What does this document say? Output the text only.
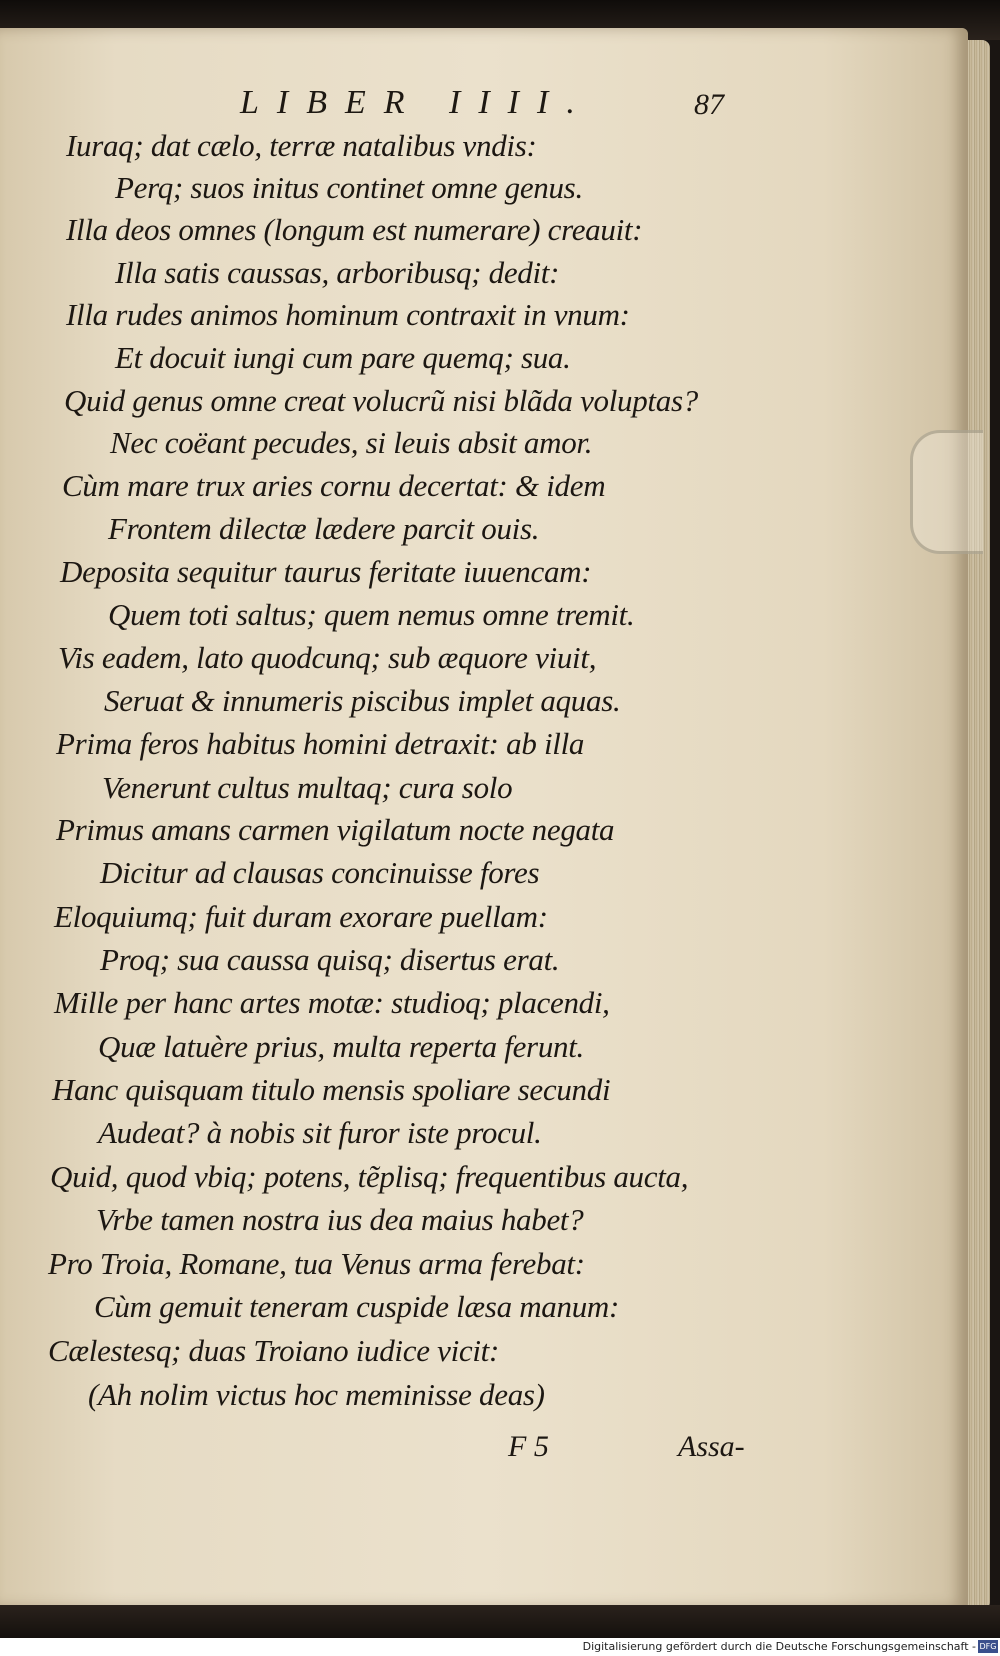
LIBER IIII.	87
Iuraq; dat cælo, terræ natalibus vndis:
Perq; suos initus continet omne genus.
Illa deos omnes (longum est numerare) creauit:
Illa satis caussas, arboribusq; dedit:
Illa rudes animos hominum contraxit in vnum:
Et docuit iungi cum pare quemq; sua.
Quid genus omne creat volucrũ nisi blãda voluptas?
Nec coëant pecudes, si leuis absit amor.
Cùm mare trux aries cornu decertat: & idem
Frontem dilectæ lædere parcit ouis.
Deposita sequitur taurus feritate iuuencam:
Quem toti saltus; quem nemus omne tremit.
Vis eadem, lato quodcunq; sub æquore viuit,
Seruat & innumeris piscibus implet aquas.
Prima feros habitus homini detraxit: ab illa
Venerunt cultus multaq; cura solo
Primus amans carmen vigilatum nocte negata
Dicitur ad clausas concinuisse fores
Eloquiumq; fuit duram exorare puellam:
Proq; sua caussa quisq; disertus erat.
Mille per hanc artes motæ: studioq; placendi,
Quæ latuère prius, multa reperta ferunt.
Hanc quisquam titulo mensis spoliare secundi
Audeat? à nobis sit furor iste procul.
Quid, quod vbiq; potens, tẽplisq; frequentibus aucta,
Vrbe tamen nostra ius dea maius habet?
Pro Troia, Romane, tua Venus arma ferebat:
Cùm gemuit teneram cuspide læsa manum:
Cælestesq; duas Troiano iudice vicit:
(Ah nolim victus hoc meminisse deas)
F 5	Assa-
Digitalisierung gefördert durch die Deutsche Forschungsgemeinschaft - DFG
